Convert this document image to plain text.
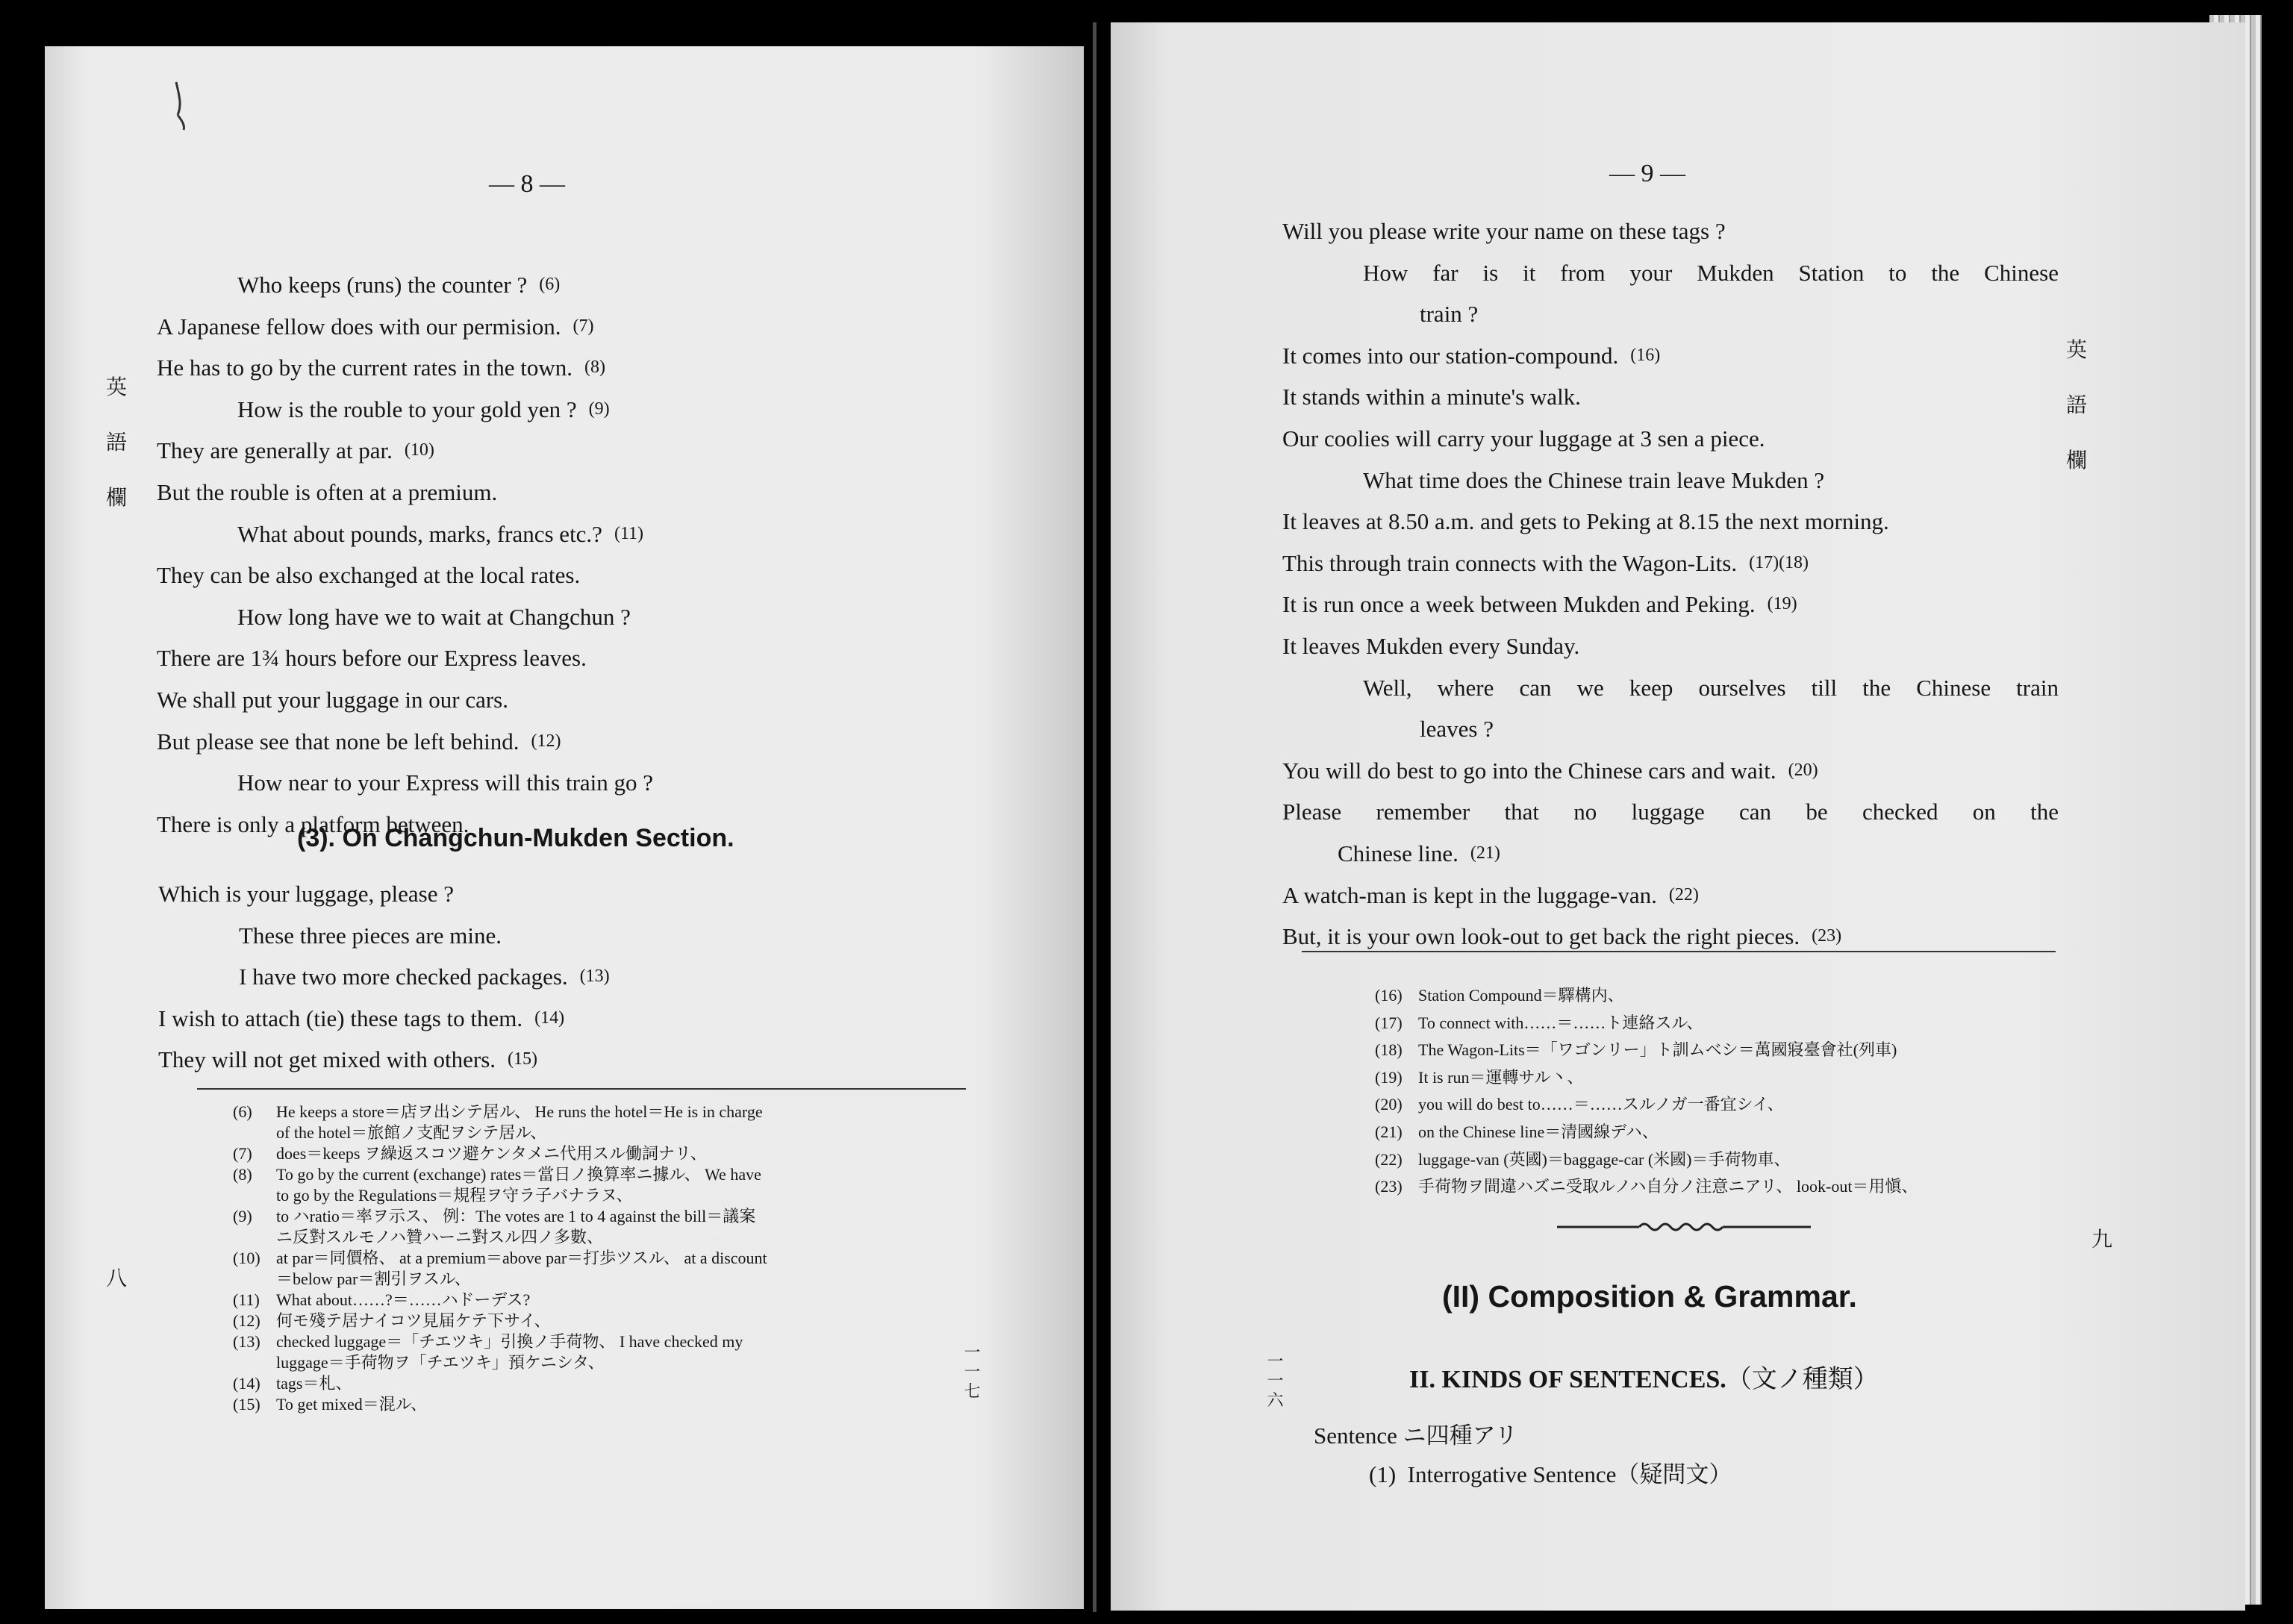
— 8 —
英
語
欄
八
Who keeps (runs) the counter ? (6)
A Japanese fellow does with our permision. (7)
He has to go by the current rates in the town. (8)
How is the rouble to your gold yen ? (9)
They are generally at par. (10)
But the rouble is often at a premium.
What about pounds, marks, francs etc.? (11)
They can be also exchanged at the local rates.
How long have we to wait at Changchun ?
There are 1¾ hours before our Express leaves.
We shall put your luggage in our cars.
But please see that none be left behind. (12)
How near to your Express will this train go ?
There is only a platform between.
(3). On Changchun-Mukden Section.
Which is your luggage, please ?
These three pieces are mine.
I have two more checked packages. (13)
I wish to attach (tie) these tags to them. (14)
They will not get mixed with others. (15)
(6) He keeps a store＝店ヲ出シテ居ル、 He runs the hotel＝He is in charge
of the hotel＝旅館ノ支配ヲシテ居ル、
(7) does＝keeps ヲ繰返スコツ避ケンタメニ代用スル働詞ナリ、
(8) To go by the current (exchange) rates＝當日ノ換算率ニ據ル、 We have
to go by the Regulations＝規程ヲ守ラ子バナラヌ、
(9) to ハratio＝率ヲ示ス、 例：The votes are 1 to 4 against the bill＝議案
ニ反對スルモノハ贊ハーニ對スル四ノ多數、
(10) at par＝同價格、 at a premium＝above par＝打歩ツスル、 at a discount
＝below par＝割引ヲスル、
(11) What about……?＝……ハドーデス?
(12) 何モ殘テ居ナイコツ見届ケテ下サイ、
(13) checked luggage＝「チエツキ」引換ノ手荷物、 I have checked my
luggage＝手荷物ヲ「チエツキ」預ケニシタ、
(14) tags＝札、
(15) To get mixed＝混ル、
一一七
— 9 —
英
語
欄
九
Will you please write your name on these tags ?
How far is it from your Mukden Station to the Chinese
train ?
It comes into our station-compound. (16)
It stands within a minute's walk.
Our coolies will carry your luggage at 3 sen a piece.
What time does the Chinese train leave Mukden ?
It leaves at 8.50 a.m. and gets to Peking at 8.15 the next morning.
This through train connects with the Wagon-Lits. (17)(18)
It is run once a week between Mukden and Peking. (19)
It leaves Mukden every Sunday.
Well, where can we keep ourselves till the Chinese train
leaves ?
You will do best to go into the Chinese cars and wait. (20)
Please remember that no luggage can be checked on the
Chinese line. (21)
A watch-man is kept in the luggage-van. (22)
But, it is your own look-out to get back the right pieces. (23)
(16) Station Compound＝驛構内、
(17) To connect with……＝……ト連絡スル、
(18) The Wagon-Lits＝「ワゴンリー」ト訓ムベシ＝萬國寢臺會社(列車)
(19) It is run＝運轉サル丶、
(20) you will do best to……＝……スルノガ一番宜シイ、
(21) on the Chinese line＝清國線デハ、
(22) luggage-van (英國)＝baggage-car (米國)＝手荷物車、
(23) 手荷物ヲ間違ハズニ受取ルノハ自分ノ注意ニアリ、 look-out＝用愼、
(II) Composition & Grammar.
II. KINDS OF SENTENCES.（文ノ種類）
Sentence ニ四種アリ
(1) Interrogative Sentence（疑問文）
一一六
